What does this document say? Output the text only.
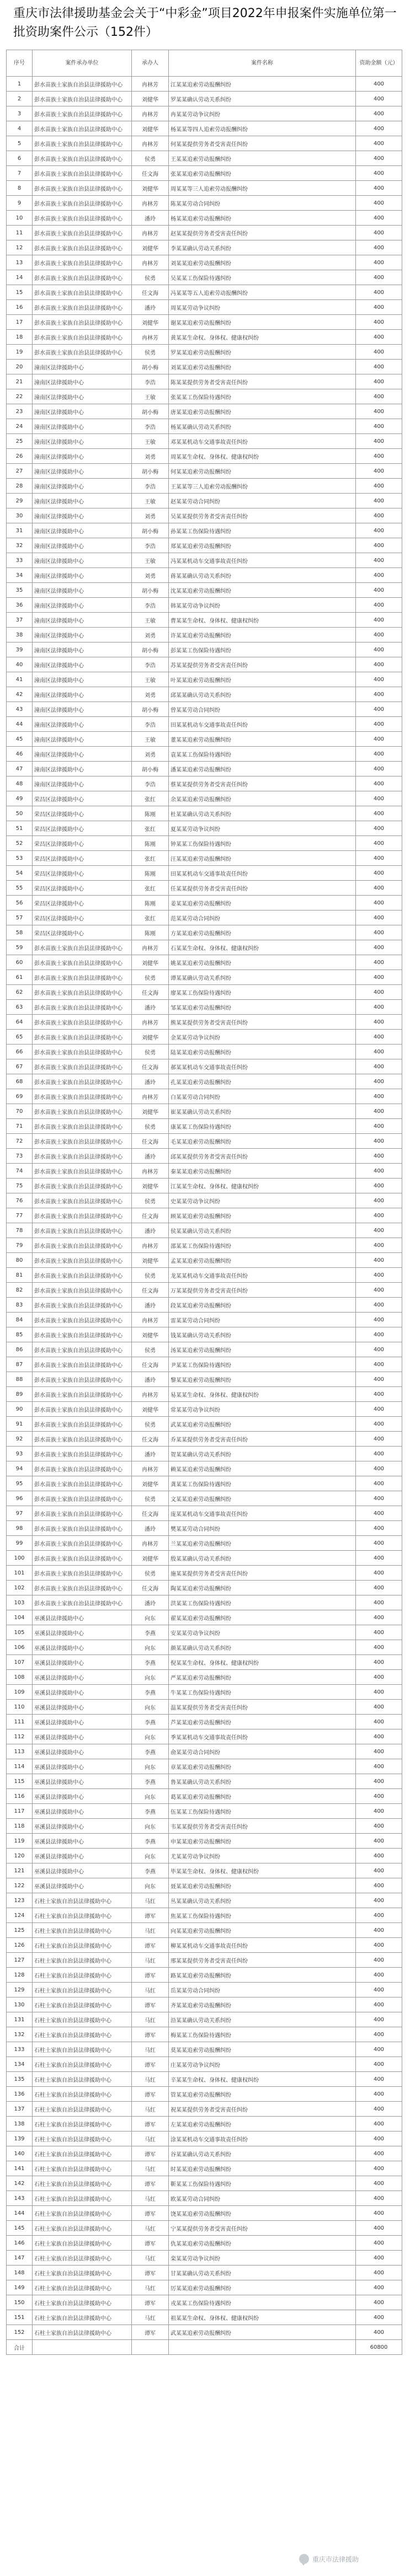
重庆市法律援助基金会关于“中彩金”项目2022年申报案件实施单位第一批资助案件公示（152件）
序号	案件承办单位	承办人	案件名称	资助金额（元）
1	彭水苗族土家族自治县法律援助中心	冉林芳	江某某追索劳动报酬纠纷	400
2	彭水苗族土家族自治县法律援助中心	刘健华	罗某某确认劳动关系纠纷	400
3	彭水苗族土家族自治县法律援助中心	冉林芳	冉某某劳动争议纠纷	400
4	彭水苗族土家族自治县法律援助中心	刘健华	杨某某等四人追索劳动报酬纠纷	400
5	彭水苗族土家族自治县法律援助中心	冉林芳	何某某提供劳务者受害责任纠纷	400
6	彭水苗族土家族自治县法律援助中心	侯勇	王某某追索劳动报酬纠纷	400
7	彭水苗族土家族自治县法律援助中心	任文海	张某某追索劳动报酬纠纷	400
8	彭水苗族土家族自治县法律援助中心	刘健华	周某某等三人追索劳动报酬纠纷	400
9	彭水苗族土家族自治县法律援助中心	冉林芳	陈某某劳动合同纠纷	400
10	彭水苗族土家族自治县法律援助中心	潘玲	杨某某追索劳动报酬纠纷	400
11	彭水苗族土家族自治县法律援助中心	冉林芳	赵某某提供劳务者受害责任纠纷	400
12	彭水苗族土家族自治县法律援助中心	刘健华	李某某确认劳动关系纠纷	400
13	彭水苗族土家族自治县法律援助中心	冉林芳	刘某某追索劳动报酬纠纷	400
14	彭水苗族土家族自治县法律援助中心	侯勇	吴某某工伤保险待遇纠纷	400
15	彭水苗族土家族自治县法律援助中心	任文海	冯某某等五人追索劳动报酬纠纷	400
16	彭水苗族土家族自治县法律援助中心	潘玲	周某某劳动争议纠纷	400
17	彭水苗族土家族自治县法律援助中心	刘健华	谢某某追索劳动报酬纠纷	400
18	彭水苗族土家族自治县法律援助中心	冉林芳	黄某某生命权、身体权、健康权纠纷	400
19	彭水苗族土家族自治县法律援助中心	侯勇	罗某某追索劳动报酬纠纷	400
20	潼南区法律援助中心	胡小梅	刘某某追索劳动报酬纠纷	400
21	潼南区法律援助中心	李浩	陈某某提供劳务者受害责任纠纷	400
22	潼南区法律援助中心	王敏	张某某工伤保险待遇纠纷	400
23	潼南区法律援助中心	胡小梅	唐某某追索劳动报酬纠纷	400
24	潼南区法律援助中心	李浩	杨某某确认劳动关系纠纷	400
25	潼南区法律援助中心	王敏	邓某某机动车交通事故责任纠纷	400
26	潼南区法律援助中心	刘勇	周某某生命权、身体权、健康权纠纷	400
27	潼南区法律援助中心	胡小梅	何某某追索劳动报酬纠纷	400
28	潼南区法律援助中心	李浩	王某某等三人追索劳动报酬纠纷	400
29	潼南区法律援助中心	王敏	赵某某劳动合同纠纷	400
30	潼南区法律援助中心	刘勇	吴某某提供劳务者受害责任纠纷	400
31	潼南区法律援助中心	胡小梅	孙某某工伤保险待遇纠纷	400
32	潼南区法律援助中心	李浩	郑某某追索劳动报酬纠纷	400
33	潼南区法律援助中心	王敏	冯某某机动车交通事故责任纠纷	400
34	潼南区法律援助中心	刘勇	蒋某某确认劳动关系纠纷	400
35	潼南区法律援助中心	胡小梅	沈某某追索劳动报酬纠纷	400
36	潼南区法律援助中心	李浩	韩某某劳动争议纠纷	400
37	潼南区法律援助中心	王敏	曹某某生命权、身体权、健康权纠纷	400
38	潼南区法律援助中心	刘勇	许某某追索劳动报酬纠纷	400
39	潼南区法律援助中心	胡小梅	彭某某工伤保险待遇纠纷	400
40	潼南区法律援助中心	李浩	苏某某提供劳务者受害责任纠纷	400
41	潼南区法律援助中心	王敏	叶某某追索劳动报酬纠纷	400
42	潼南区法律援助中心	刘勇	邱某某确认劳动关系纠纷	400
43	潼南区法律援助中心	胡小梅	曾某某劳动合同纠纷	400
44	潼南区法律援助中心	李浩	田某某机动车交通事故责任纠纷	400
45	潼南区法律援助中心	王敏	董某某追索劳动报酬纠纷	400
46	潼南区法律援助中心	刘勇	袁某某工伤保险待遇纠纷	400
47	潼南区法律援助中心	胡小梅	潘某某追索劳动报酬纠纷	400
48	潼南区法律援助中心	李浩	蔡某某提供劳务者受害责任纠纷	400
49	荣昌区法律援助中心	张红	余某某追索劳动报酬纠纷	400
50	荣昌区法律援助中心	陈刚	杜某某确认劳动关系纠纷	400
51	荣昌区法律援助中心	张红	夏某某劳动争议纠纷	400
52	荣昌区法律援助中心	陈刚	钟某某工伤保险待遇纠纷	400
53	荣昌区法律援助中心	张红	汪某某追索劳动报酬纠纷	400
54	荣昌区法律援助中心	陈刚	田某某机动车交通事故责任纠纷	400
55	荣昌区法律援助中心	张红	任某某提供劳务者受害责任纠纷	400
56	荣昌区法律援助中心	陈刚	姜某某追索劳动报酬纠纷	400
57	荣昌区法律援助中心	张红	范某某劳动合同纠纷	400
58	荣昌区法律援助中心	陈刚	方某某追索劳动报酬纠纷	400
59	彭水苗族土家族自治县法律援助中心	冉林芳	石某某生命权、身体权、健康权纠纷	400
60	彭水苗族土家族自治县法律援助中心	刘健华	姚某某追索劳动报酬纠纷	400
61	彭水苗族土家族自治县法律援助中心	侯勇	谭某某确认劳动关系纠纷	400
62	彭水苗族土家族自治县法律援助中心	任文海	廖某某工伤保险待遇纠纷	400
63	彭水苗族土家族自治县法律援助中心	潘玲	邹某某追索劳动报酬纠纷	400
64	彭水苗族土家族自治县法律援助中心	冉林芳	熊某某提供劳务者受害责任纠纷	400
65	彭水苗族土家族自治县法律援助中心	刘健华	金某某劳动争议纠纷	400
66	彭水苗族土家族自治县法律援助中心	侯勇	陆某某追索劳动报酬纠纷	400
67	彭水苗族土家族自治县法律援助中心	任文海	郝某某机动车交通事故责任纠纷	400
68	彭水苗族土家族自治县法律援助中心	潘玲	孔某某追索劳动报酬纠纷	400
69	彭水苗族土家族自治县法律援助中心	冉林芳	白某某劳动合同纠纷	400
70	彭水苗族土家族自治县法律援助中心	刘健华	崔某某确认劳动关系纠纷	400
71	彭水苗族土家族自治县法律援助中心	侯勇	康某某工伤保险待遇纠纷	400
72	彭水苗族土家族自治县法律援助中心	任文海	毛某某追索劳动报酬纠纷	400
73	彭水苗族土家族自治县法律援助中心	潘玲	邱某某提供劳务者受害责任纠纷	400
74	彭水苗族土家族自治县法律援助中心	冉林芳	秦某某追索劳动报酬纠纷	400
75	彭水苗族土家族自治县法律援助中心	刘健华	江某某生命权、身体权、健康权纠纷	400
76	彭水苗族土家族自治县法律援助中心	侯勇	史某某劳动争议纠纷	400
77	彭水苗族土家族自治县法律援助中心	任文海	顾某某追索劳动报酬纠纷	400
78	彭水苗族土家族自治县法律援助中心	潘玲	侯某某确认劳动关系纠纷	400
79	彭水苗族土家族自治县法律援助中心	冉林芳	邵某某工伤保险待遇纠纷	400
80	彭水苗族土家族自治县法律援助中心	刘健华	孟某某追索劳动报酬纠纷	400
81	彭水苗族土家族自治县法律援助中心	侯勇	龙某某机动车交通事故责任纠纷	400
82	彭水苗族土家族自治县法律援助中心	任文海	万某某提供劳务者受害责任纠纷	400
83	彭水苗族土家族自治县法律援助中心	潘玲	段某某追索劳动报酬纠纷	400
84	彭水苗族土家族自治县法律援助中心	冉林芳	雷某某劳动合同纠纷	400
85	彭水苗族土家族自治县法律援助中心	刘健华	钱某某确认劳动关系纠纷	400
86	彭水苗族土家族自治县法律援助中心	侯勇	汤某某追索劳动报酬纠纷	400
87	彭水苗族土家族自治县法律援助中心	任文海	尹某某工伤保险待遇纠纷	400
88	彭水苗族土家族自治县法律援助中心	潘玲	黎某某追索劳动报酬纠纷	400
89	彭水苗族土家族自治县法律援助中心	冉林芳	易某某生命权、身体权、健康权纠纷	400
90	彭水苗族土家族自治县法律援助中心	刘健华	常某某劳动争议纠纷	400
91	彭水苗族土家族自治县法律援助中心	侯勇	武某某追索劳动报酬纠纷	400
92	彭水苗族土家族自治县法律援助中心	任文海	乔某某提供劳务者受害责任纠纷	400
93	彭水苗族土家族自治县法律援助中心	潘玲	贺某某确认劳动关系纠纷	400
94	彭水苗族土家族自治县法律援助中心	冉林芳	赖某某追索劳动报酬纠纷	400
95	彭水苗族土家族自治县法律援助中心	刘健华	龚某某工伤保险待遇纠纷	400
96	彭水苗族土家族自治县法律援助中心	侯勇	文某某追索劳动报酬纠纷	400
97	彭水苗族土家族自治县法律援助中心	任文海	庞某某机动车交通事故责任纠纷	400
98	彭水苗族土家族自治县法律援助中心	潘玲	樊某某劳动合同纠纷	400
99	彭水苗族土家族自治县法律援助中心	冉林芳	兰某某追索劳动报酬纠纷	400
100	彭水苗族土家族自治县法律援助中心	刘健华	殷某某确认劳动关系纠纷	400
101	彭水苗族土家族自治县法律援助中心	侯勇	施某某提供劳务者受害责任纠纷	400
102	彭水苗族土家族自治县法律援助中心	任文海	陶某某追索劳动报酬纠纷	400
103	彭水苗族土家族自治县法律援助中心	潘玲	洪某某工伤保险待遇纠纷	400
104	巫溪县法律援助中心	向东	翟某某追索劳动报酬纠纷	400
105	巫溪县法律援助中心	李燕	安某某劳动争议纠纷	400
106	巫溪县法律援助中心	向东	颜某某确认劳动关系纠纷	400
107	巫溪县法律援助中心	李燕	倪某某生命权、身体权、健康权纠纷	400
108	巫溪县法律援助中心	向东	严某某追索劳动报酬纠纷	400
109	巫溪县法律援助中心	李燕	牛某某工伤保险待遇纠纷	400
110	巫溪县法律援助中心	向东	温某某提供劳务者受害责任纠纷	400
111	巫溪县法律援助中心	李燕	芦某某追索劳动报酬纠纷	400
112	巫溪县法律援助中心	向东	季某某机动车交通事故责任纠纷	400
113	巫溪县法律援助中心	李燕	俞某某劳动合同纠纷	400
114	巫溪县法律援助中心	向东	章某某追索劳动报酬纠纷	400
115	巫溪县法律援助中心	李燕	鲁某某确认劳动关系纠纷	400
116	巫溪县法律援助中心	向东	葛某某追索劳动报酬纠纷	400
117	巫溪县法律援助中心	李燕	伍某某工伤保险待遇纠纷	400
118	巫溪县法律援助中心	向东	韦某某提供劳务者受害责任纠纷	400
119	巫溪县法律援助中心	李燕	申某某追索劳动报酬纠纷	400
120	巫溪县法律援助中心	向东	尤某某劳动争议纠纷	400
121	巫溪县法律援助中心	李燕	毕某某生命权、身体权、健康权纠纷	400
122	巫溪县法律援助中心	向东	聂某某追索劳动报酬纠纷	400
123	石柱土家族自治县法律援助中心	马红	丛某某确认劳动关系纠纷	400
124	石柱土家族自治县法律援助中心	谭军	焦某某工伤保险待遇纠纷	400
125	石柱土家族自治县法律援助中心	马红	向某某追索劳动报酬纠纷	400
126	石柱土家族自治县法律援助中心	谭军	柳某某机动车交通事故责任纠纷	400
127	石柱土家族自治县法律援助中心	马红	邢某某提供劳务者受害责任纠纷	400
128	石柱土家族自治县法律援助中心	谭军	路某某追索劳动报酬纠纷	400
129	石柱土家族自治县法律援助中心	马红	岳某某劳动合同纠纷	400
130	石柱土家族自治县法律援助中心	谭军	齐某某追索劳动报酬纠纷	400
131	石柱土家族自治县法律援助中心	马红	沿某某确认劳动关系纠纷	400
132	石柱土家族自治县法律援助中心	谭军	梅某某工伤保险待遇纠纷	400
133	石柱土家族自治县法律援助中心	马红	莫某某追索劳动报酬纠纷	400
134	石柱土家族自治县法律援助中心	谭军	庄某某劳动争议纠纷	400
135	石柱土家族自治县法律援助中心	马红	辛某某生命权、身体权、健康权纠纷	400
136	石柱土家族自治县法律援助中心	谭军	管某某追索劳动报酬纠纷	400
137	石柱土家族自治县法律援助中心	马红	祝某某提供劳务者受害责任纠纷	400
138	石柱土家族自治县法律援助中心	谭军	左某某追索劳动报酬纠纷	400
139	石柱土家族自治县法律援助中心	马红	涂某某机动车交通事故责任纠纷	400
140	石柱土家族自治县法律援助中心	谭军	谷某某确认劳动关系纠纷	400
141	石柱土家族自治县法律援助中心	马红	时某某追索劳动报酬纠纷	400
142	石柱土家族自治县法律援助中心	谭军	靳某某工伤保险待遇纠纷	400
143	石柱土家族自治县法律援助中心	马红	欧某某劳动合同纠纷	400
144	石柱土家族自治县法律援助中心	谭军	饶某某追索劳动报酬纠纷	400
145	石柱土家族自治县法律援助中心	马红	宁某某提供劳务者受害责任纠纷	400
146	石柱土家族自治县法律援助中心	谭军	仇某某追索劳动报酬纠纷	400
147	石柱土家族自治县法律援助中心	马红	栾某某劳动争议纠纷	400
148	石柱土家族自治县法律援助中心	谭军	甘某某确认劳动关系纠纷	400
149	石柱土家族自治县法律援助中心	马红	厉某某追索劳动报酬纠纷	400
150	石柱土家族自治县法律援助中心	谭军	戎某某工伤保险待遇纠纷	400
151	石柱土家族自治县法律援助中心	马红	祖某某生命权、身体权、健康权纠纷	400
152	石柱土家族自治县法律援助中心	谭军	武某某追索劳动报酬纠纷	400
合计				60800
重庆市法律援助
